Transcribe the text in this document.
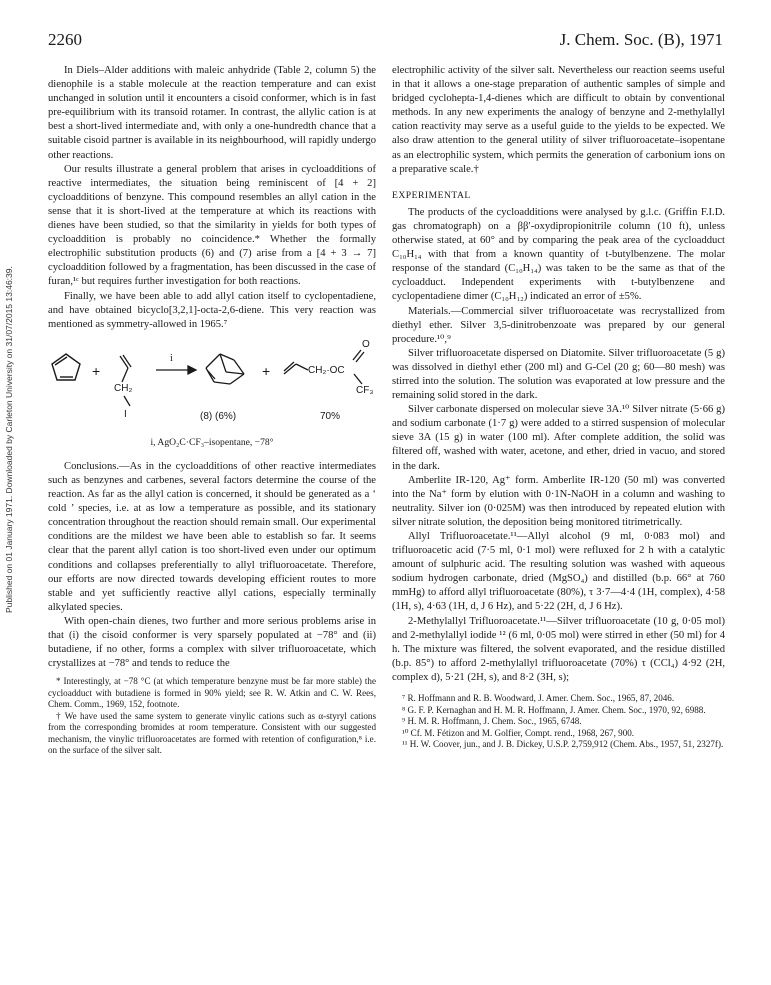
2260	J. Chem. Soc. (B), 1971
Published on 01 January 1971. Downloaded by Carleton University on 31/07/2015 13:46:39.

In Diels–Alder additions with maleic anhydride (Table 2, column 5) the dienophile is a stable molecule at the reaction temperature and can exist unchanged in solution until it encounters a cisoid conformer, which is in fast pre-equilibrium with its transoid rotamer. In contrast, the allylic cation is at best a short-lived intermediate and, with only a one-hundredth chance that a suitable cisoid partner is available in its neighbourhood, will rapidly undergo other reactions.

Our results illustrate a general problem that arises in cycloadditions of reactive intermediates, the situation being reminiscent of [4 + 2] cycloadditions of benzyne. This compound resembles an allyl cation in the sense that it is short-lived at the temperature at which its reactions with dienes have been studied, so that the similarity in yields for both types of cycloaddition is probably no coincidence.* Whether the formally electrophilic substitution products (6) and (7) arise from a [4 + 3 → 7] cycloaddition followed by a fragmentation, has been discussed in the case of furan,¹ᶜ but requires further investigation for both reactions.

Finally, we have been able to add allyl cation itself to cyclopentadiene, and have obtained bicyclo[3,2,1]-octa-2,6-diene. This very reaction was mentioned as symmetry-allowed in 1965.⁷

+
CH₂
I
i
(8) (6%)
+	CH₂·OC
O
CF₃
70%

i, AgO₂C·CF₃–isopentane, −78°

Conclusions.—As in the cycloadditions of other reactive intermediates such as benzynes and carbenes, several factors determine the course of the reaction. As far as the allyl cation is concerned, it should be generated as a ‘ cold ’ species, i.e. at as low a temperature as possible, and its stationary concentration throughout the reaction should remain small. Our experimental conditions are the mildest we have been able to establish so far. It seems clear that the parent allyl cation is too short-lived even under our optimum conditions and collapses preferentially to allyl trifluoroacetate. Therefore, our efforts are now directed towards developing efficient routes to more stable and yet sufficiently reactive allyl cations, especially terminally alkylated species.

With open-chain dienes, two further and more serious problems arise in that (i) the cisoid conformer is very sparsely populated at −78° and (ii) butadiene, if no other, forms a complex with silver trifluoroacetate, which crystallizes at −78° and tends to reduce the

* Interestingly, at −78 °C (at which temperature benzyne must be far more stable) the cycloadduct with butadiene is formed in 90% yield; see R. W. Atkin and C. W. Rees, Chem. Comm., 1969, 152, footnote.

† We have used the same system to generate vinylic cations such as α-styryl cations from the corresponding bromides at room temperature. Consistent with our suggested mechanism, the vinylic trifluoroacetates are formed with retention of configuration,⁸ i.e. on the surface of the silver salt.

electrophilic activity of the silver salt. Nevertheless our reaction seems useful in that it allows a one-stage preparation of authentic samples of simple and bridged cyclohepta-1,4-dienes which are difficult to obtain by conventional methods. In any new experiments the analogy of benzyne and 2-methylallyl cation reactivity may serve as a useful guide to the yields to be expected. We also draw attention to the general utility of silver trifluoroacetate–isopentane as an electrophilic system, which permits the generation of carbonium ions on a preparative scale.†

EXPERIMENTAL

The products of the cycloadditions were analysed by g.l.c. (Griffin F.I.D. gas chromatograph) on a ββ′-oxydipropionitrile column (10 ft), unless otherwise stated, at 60° and by comparing the peak area of the cycloadduct C₁₀H₁₄ with that from a known quantity of t-butylbenzene. The molar response of the standard (C₁₀H₁₄) was taken to be the same as that of the cycloadduct. Independent experiments with t-butylbenzene and cyclopentadiene dimer (C₁₀H₁₂) indicated an error of ±5%.

Materials.—Commercial silver trifluoroacetate was recrystallized from diethyl ether. Silver 3,5-dinitrobenzoate was prepared by our general procedure.¹⁰,⁹

Silver trifluoroacetate dispersed on Diatomite. Silver trifluoroacetate (5 g) was dissolved in diethyl ether (200 ml) and G-Cel (20 g; 60—80 mesh) was stirred into the solution. The solution was evaporated at low pressure and the remaining solid stored in the dark.

Silver carbonate dispersed on molecular sieve 3A.¹⁰ Silver nitrate (5·66 g) and sodium carbonate (1·7 g) were added to a stirred suspension of molecular sieve 3A (15 g) in water (100 ml). After complete addition, the solid was filtered off, washed with water, acetone, and ether, dried in vacuo, and stored in the dark.

Amberlite IR-120, Ag⁺ form. Amberlite IR-120 (50 ml) was converted into the Na⁺ form by elution with 0·1N-NaOH in a column and washing to neutrality. Silver ion (0·025M) was then introduced by repeated elution with silver nitrate solution, the deposition being monitored titrimetrically.

Allyl Trifluoroacetate.¹¹—Allyl alcohol (9 ml, 0·083 mol) and trifluoroacetic acid (7·5 ml, 0·1 mol) were refluxed for 2 h with a catalytic amount of sulphuric acid. The resulting solution was washed with aqueous sodium hydrogen carbonate, dried (MgSO₄) and distilled (b.p. 66° at 760 mmHg) to afford allyl trifluoroacetate (80%), τ 3·7—4·4 (1H, complex), 4·58 (1H, s), 4·63 (1H, d, J 6 Hz), and 5·22 (2H, d, J 6 Hz).

2-Methylallyl Trifluoroacetate.¹¹—Silver trifluoroacetate (10 g, 0·05 mol) and 2-methylallyl iodide ¹² (6 ml, 0·05 mol) were stirred in ether (50 ml) for 4 h. The mixture was filtered, the solvent evaporated, and the residue distilled (b.p. 85°) to afford 2-methylallyl trifluoroacetate (70%) τ (CCl₄) 4·92 (2H, complex d), 5·21 (2H, s), and 8·2 (3H, s);

⁷ R. Hoffmann and R. B. Woodward, J. Amer. Chem. Soc., 1965, 87, 2046.

⁸ G. F. P. Kernaghan and H. M. R. Hoffmann, J. Amer. Chem. Soc., 1970, 92, 6988.

⁹ H. M. R. Hoffmann, J. Chem. Soc., 1965, 6748.

¹⁰ Cf. M. Fétizon and M. Golfier, Compt. rend., 1968, 267, 900.

¹¹ H. W. Coover, jun., and J. B. Dickey, U.S.P. 2,759,912 (Chem. Abs., 1957, 51, 2327f).
